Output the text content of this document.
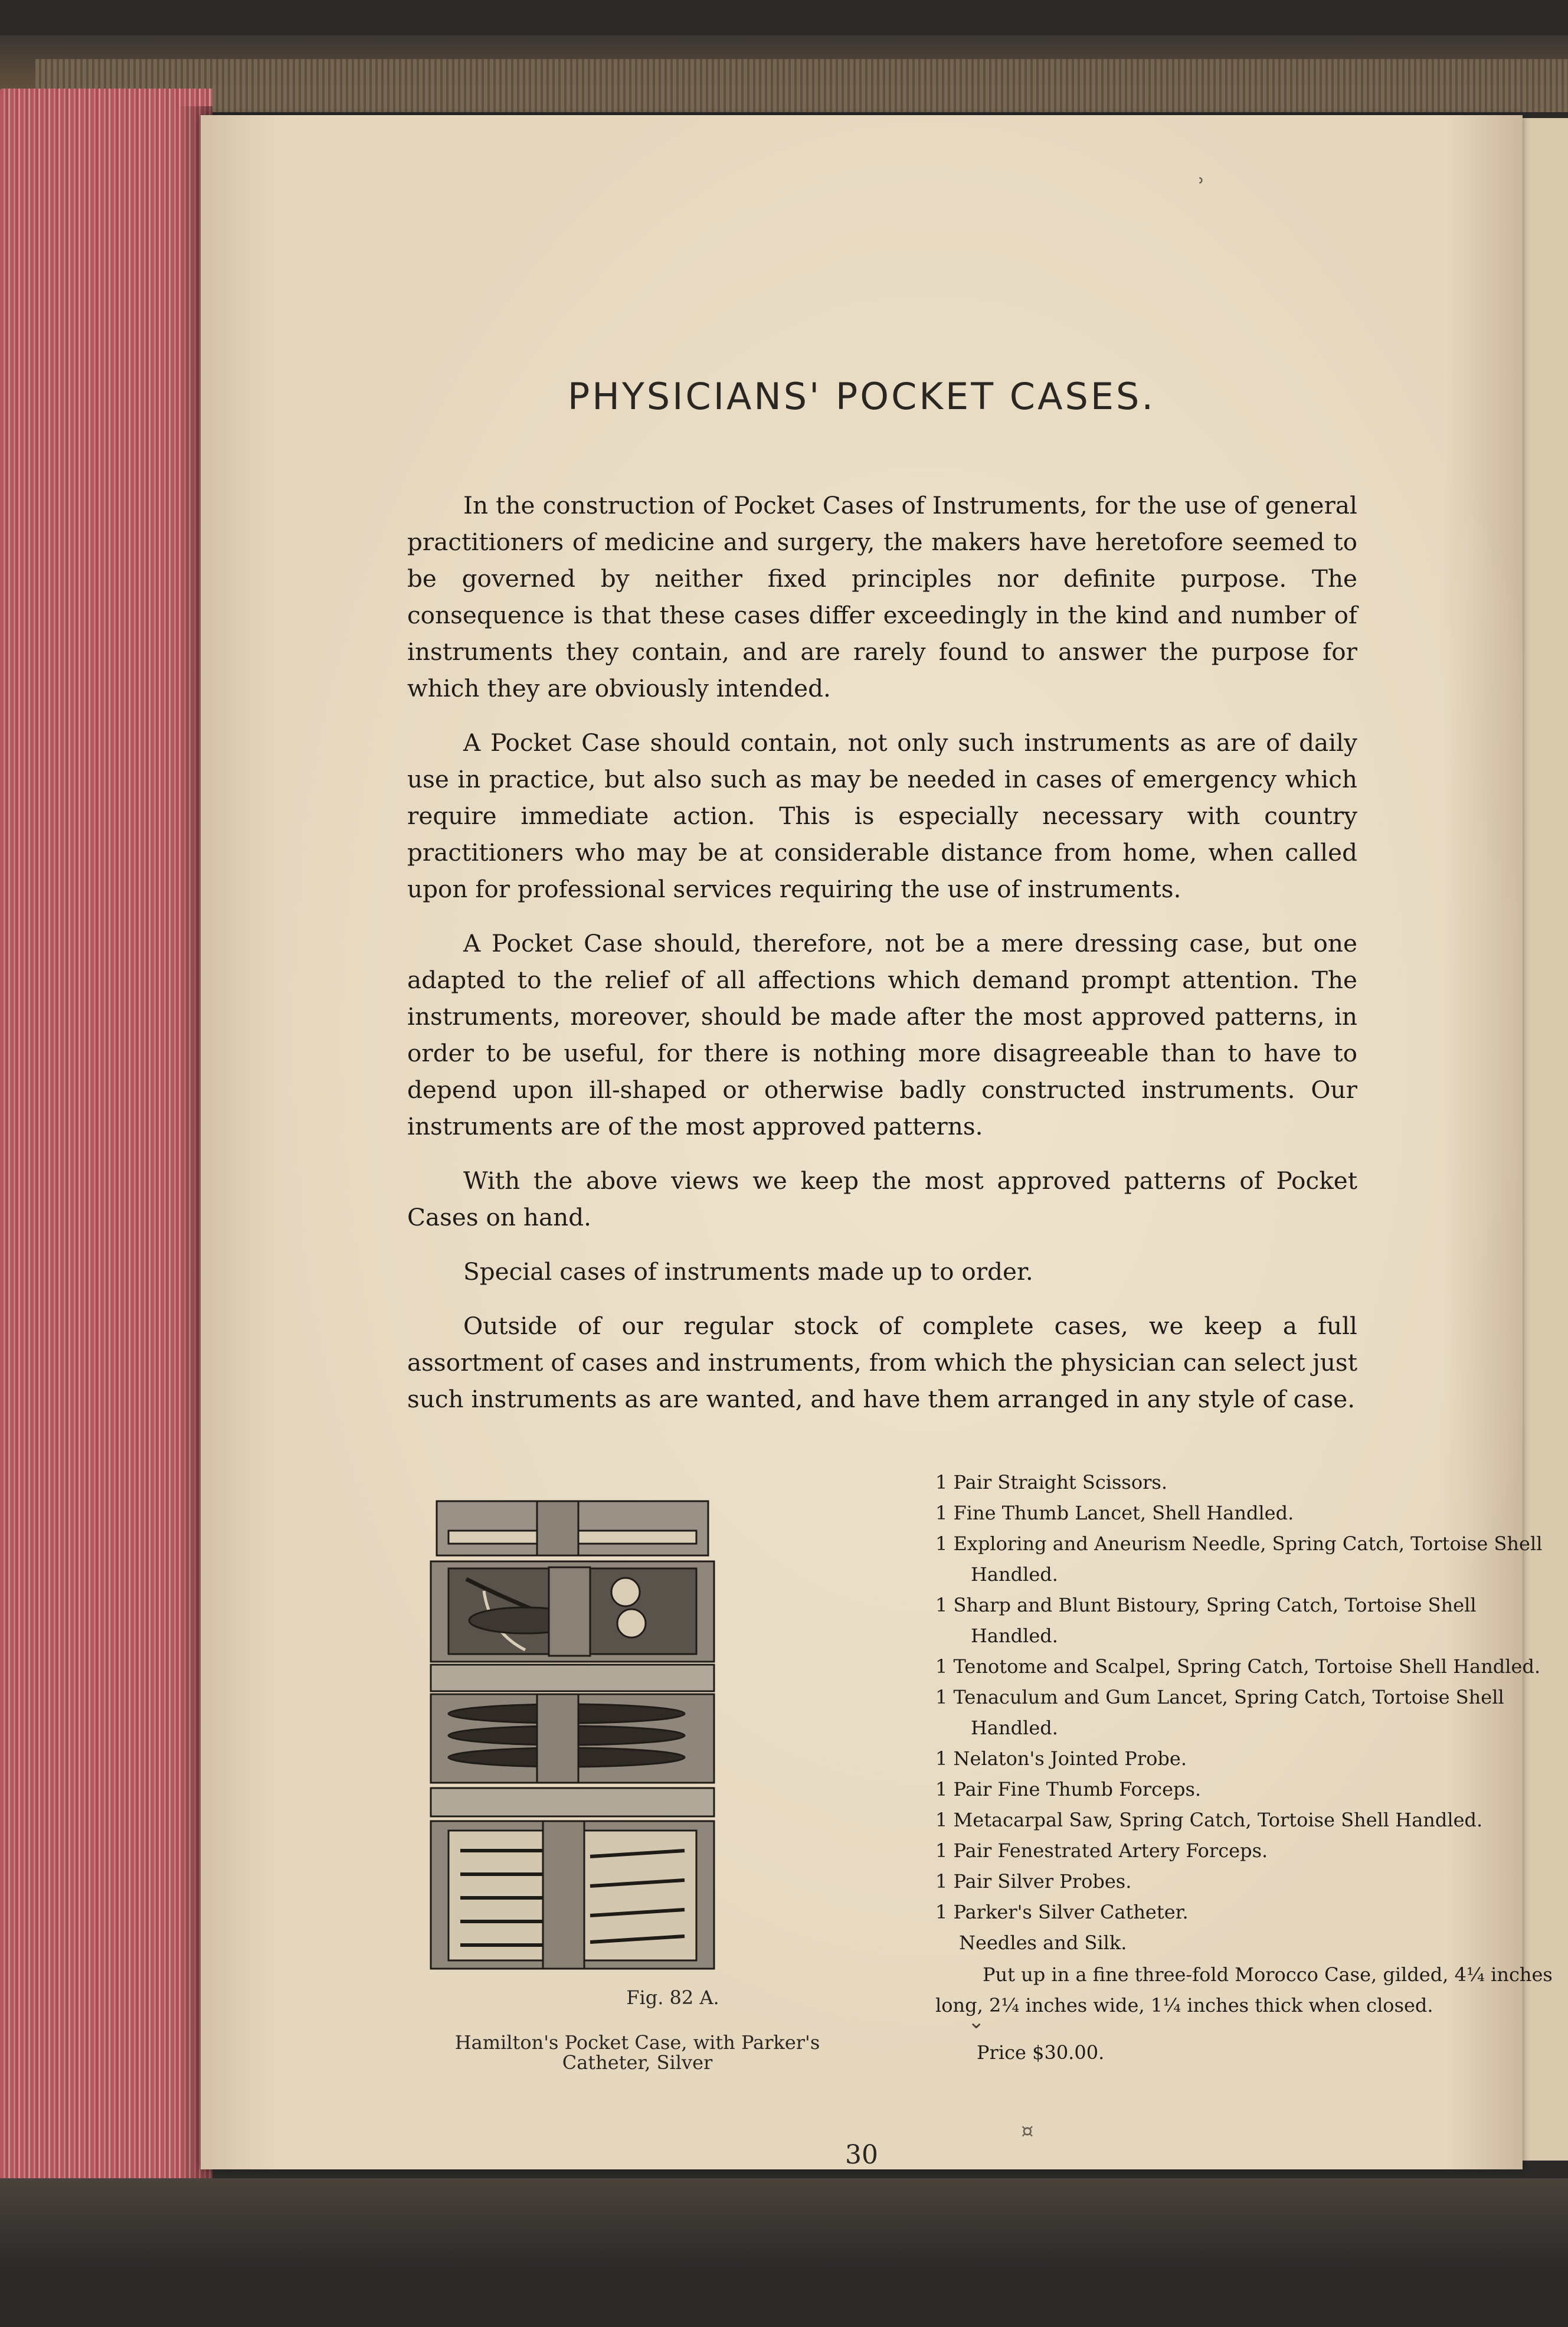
ʾ
PHYSICIANS' POCKET CASES.

In the construction of Pocket Cases of Instruments, for the use of general practitioners of medicine and surgery, the makers have heretofore seemed to be governed by neither fixed principles nor definite purpose. The consequence is that these cases differ exceedingly in the kind and number of instruments they contain, and are rarely found to answer the purpose for which they are obviously intended.

A Pocket Case should contain, not only such instruments as are of daily use in practice, but also such as may be needed in cases of emergency which require immediate action. This is especially necessary with country practitioners who may be at considerable distance from home, when called upon for professional services requiring the use of instruments.

A Pocket Case should, therefore, not be a mere dressing case, but one adapted to the relief of all affections which demand prompt attention. The instruments, moreover, should be made after the most approved patterns, in order to be useful, for there is nothing more disagreeable than to have to depend upon ill-shaped or otherwise badly constructed instruments. Our instruments are of the most approved patterns.

With the above views we keep the most approved patterns of Pocket Cases on hand.

Special cases of instruments made up to order.

Outside of our regular stock of complete cases, we keep a full assortment of cases and instruments, from which the physician can select just such instruments as are wanted, and have them arranged in any style of case.

Fig. 82 A.
Hamilton's Pocket Case, with Parker's Catheter, Silver
1 Pair Straight Scissors.
1 Fine Thumb Lancet, Shell Handled.
1 Exploring and Aneurism Needle, Spring Catch, Tortoise Shell Handled.
1 Sharp and Blunt Bistoury, Spring Catch, Tortoise Shell Handled.
1 Tenotome and Scalpel, Spring Catch, Tortoise Shell Handled.
1 Tenaculum and Gum Lancet, Spring Catch, Tortoise Shell Handled.
1 Nelaton's Jointed Probe.
1 Pair Fine Thumb Forceps.
1 Metacarpal Saw, Spring Catch, Tortoise Shell Handled.
1 Pair Fenestrated Artery Forceps.
1 Pair Silver Probes.
1 Parker's Silver Catheter.
Needles and Silk.
Put up in a fine three-fold Morocco Case, gilded, 4¼ inches long, 2¼ inches wide, 1¼ inches thick when closed.
Price $30.00.
⌄
30
¤
